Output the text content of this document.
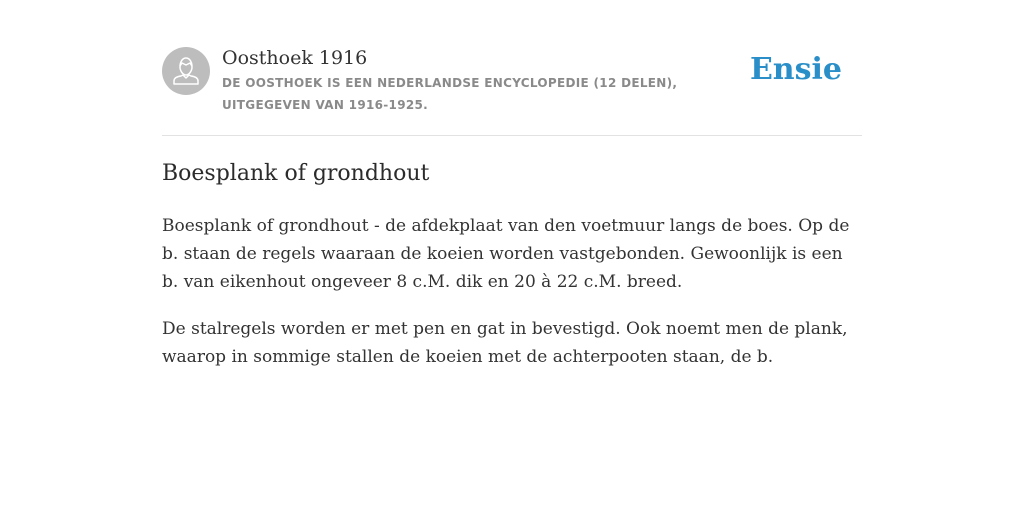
Oosthoek 1916
DE OOSTHOEK IS EEN NEDERLANDSE ENCYCLOPEDIE (12 DELEN), UITGEGEVEN VAN 1916-1925.
Ensie
Boesplank of grondhout

Boesplank of grondhout - de afdekplaat van den voetmuur langs de boes. Op de b. staan de regels waaraan de koeien worden vastgebonden. Gewoonlijk is een b. van eikenhout ongeveer 8 c.M. dik en 20 à 22 c.M. breed.

De stalregels worden er met pen en gat in bevestigd. Ook noemt men de plank, waarop in sommige stallen de koeien met de achterpooten staan, de b.
